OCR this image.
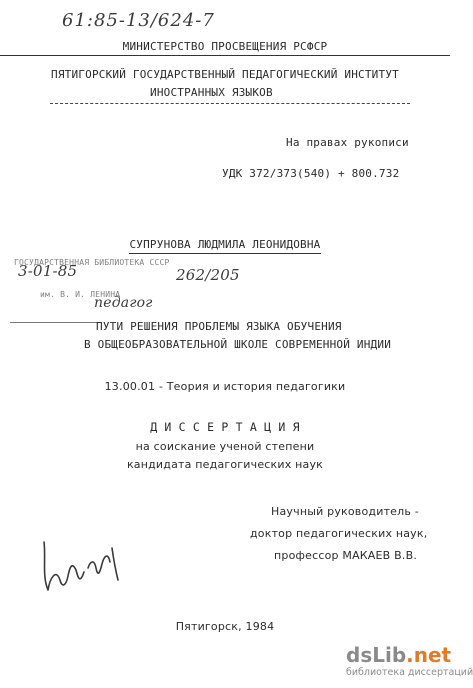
61:85-13/624-7
МИНИСТЕРСТВО ПРОСВЕЩЕНИЯ РСФСР
ПЯТИГОРСКИЙ ГОСУДАРСТВЕННЫЙ ПЕДАГОГИЧЕСКИЙ ИНСТИТУТ
ИНОСТРАННЫХ ЯЗЫКОВ
На правах рукописи
УДК 372/373(540) + 800.732
СУПРУНОВА ЛЮДМИЛА ЛЕОНИДОВНА
ГОСУДАРСТВЕННАЯ БИБЛИОТЕКА СССР
им. В. И. ЛЕНИНА
3-01-85	262/205
педагог
ПУТИ РЕШЕНИЯ ПРОБЛЕМЫ ЯЗЫКА ОБУЧЕНИЯ
В ОБЩЕОБРАЗОВАТЕЛЬНОЙ ШКОЛЕ СОВРЕМЕННОЙ ИНДИИ
13.00.01 - Теория и история педагогики
Д И С С Е Р Т А Ц И Я
на соискание ученой степени
кандидата педагогических наук
Научный руководитель -
доктор педагогических наук,
профессор МАКАЕВ В.В.
Пятигорск, 1984
dsLib.net
библиотека диссертаций
